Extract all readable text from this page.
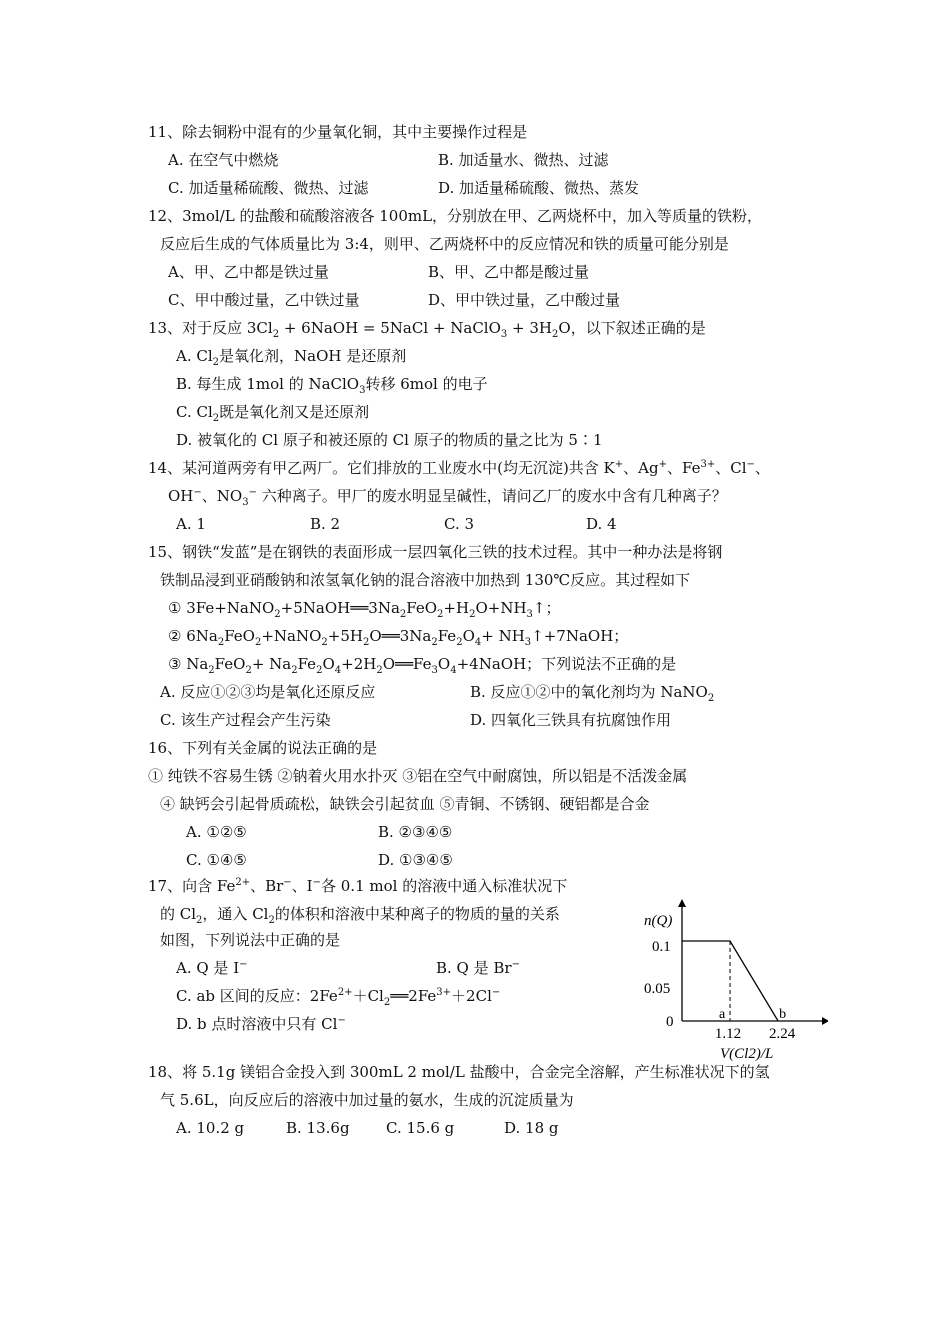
11、除去铜粉中混有的少量氧化铜，其中主要操作过程是
A. 在空气中燃烧	B. 加适量水、微热、过滤
C. 加适量稀硫酸、微热、过滤	D. 加适量稀硫酸、微热、蒸发
12、3mol/L 的盐酸和硫酸溶液各 100mL，分别放在甲、乙两烧杯中，加入等质量的铁粉，
反应后生成的气体质量比为 3:4，则甲、乙两烧杯中的反应情况和铁的质量可能分别是
A、甲、乙中都是铁过量	B、甲、乙中都是酸过量
C、甲中酸过量，乙中铁过量	D、甲中铁过量，乙中酸过量
13、对于反应 $3Cl_2$ + 6NaOH = 5NaCl + NaClO$_3$ + $3H_2O$，以下叙述正确的是
A. $Cl_2$是氧化剂，NaOH 是还原剂
B. 每生成 1mol 的 NaClO$_3$转移 6mol 的电子
C. $Cl_2$既是氧化剂又是还原剂
D. 被氧化的 Cl 原子和被还原的 Cl 原子的物质的量之比为 5∶1
14、某河道两旁有甲乙两厂。它们排放的工业废水中(均无沉淀)共含 K+、Ag+、$Fe^{3+}$、Cl−、
OH−、$NO_3^-$ 六种离子。甲厂的废水明显呈碱性，请问乙厂的废水中含有几种离子？
A. 1	B. 2	C. 3	D. 4
15、钢铁“发蓝”是在钢铁的表面形成一层四氧化三铁的技术过程。其中一种办法是将钢
铁制品浸到亚硝酸钠和浓氢氧化钠的混合溶液中加热到 130℃反应。其过程如下
① $3Fe+NaNO_2+5NaOH══3Na_2FeO_2+H_2O+NH_3↑$；
② $6Na_2FeO_2+NaNO_2+5H_2O══3Na_2Fe_2O_4+$ $NH_3↑+7NaOH$；
③ $Na_2FeO_2+$ $Na_2Fe_2O_4+2H_2O══Fe_3O_4+4NaOH$；下列说法不正确的是
A. 反应①②③均是氧化还原反应	B. 反应①②中的氧化剂均为 NaNO$_2$
C. 该生产过程会产生污染	D. 四氧化三铁具有抗腐蚀作用
16、下列有关金属的说法正确的是
① 纯铁不容易生锈 ②钠着火用水扑灭 ③铝在空气中耐腐蚀，所以铝是不活泼金属
④ 缺钙会引起骨质疏松，缺铁会引起贫血 ⑤青铜、不锈钢、硬铝都是合金
A. ①②⑤	B. ②③④⑤
C. ①④⑤	D. ①③④⑤
17、向含 $Fe^{2+}$、Br−、I−各 0.1 mol 的溶液中通入标准状况下
的 $Cl_2$，通入 $Cl_2$的体积和溶液中某种离子的物质的量的关系
如图，下列说法中正确的是
A. Q 是 I−	B. Q 是 Br−
C. ab 区间的反应：$2Fe^{2+}+Cl_2══2Fe^{3+}+2Cl^-$
D. b 点时溶液中只有 Cl−
n(Q)
0.1
0.05
0	a	b
1.12 2.24
V(Cl2)/L
18、将 5.1g 镁铝合金投入到 300mL 2 mol/L 盐酸中，合金完全溶解，产生标准状况下的氢
气 5.6L，向反应后的溶液中加过量的氨水，生成的沉淀质量为
A. 10.2 g	B. 13.6g C. 15.6 g	D. 18 g
